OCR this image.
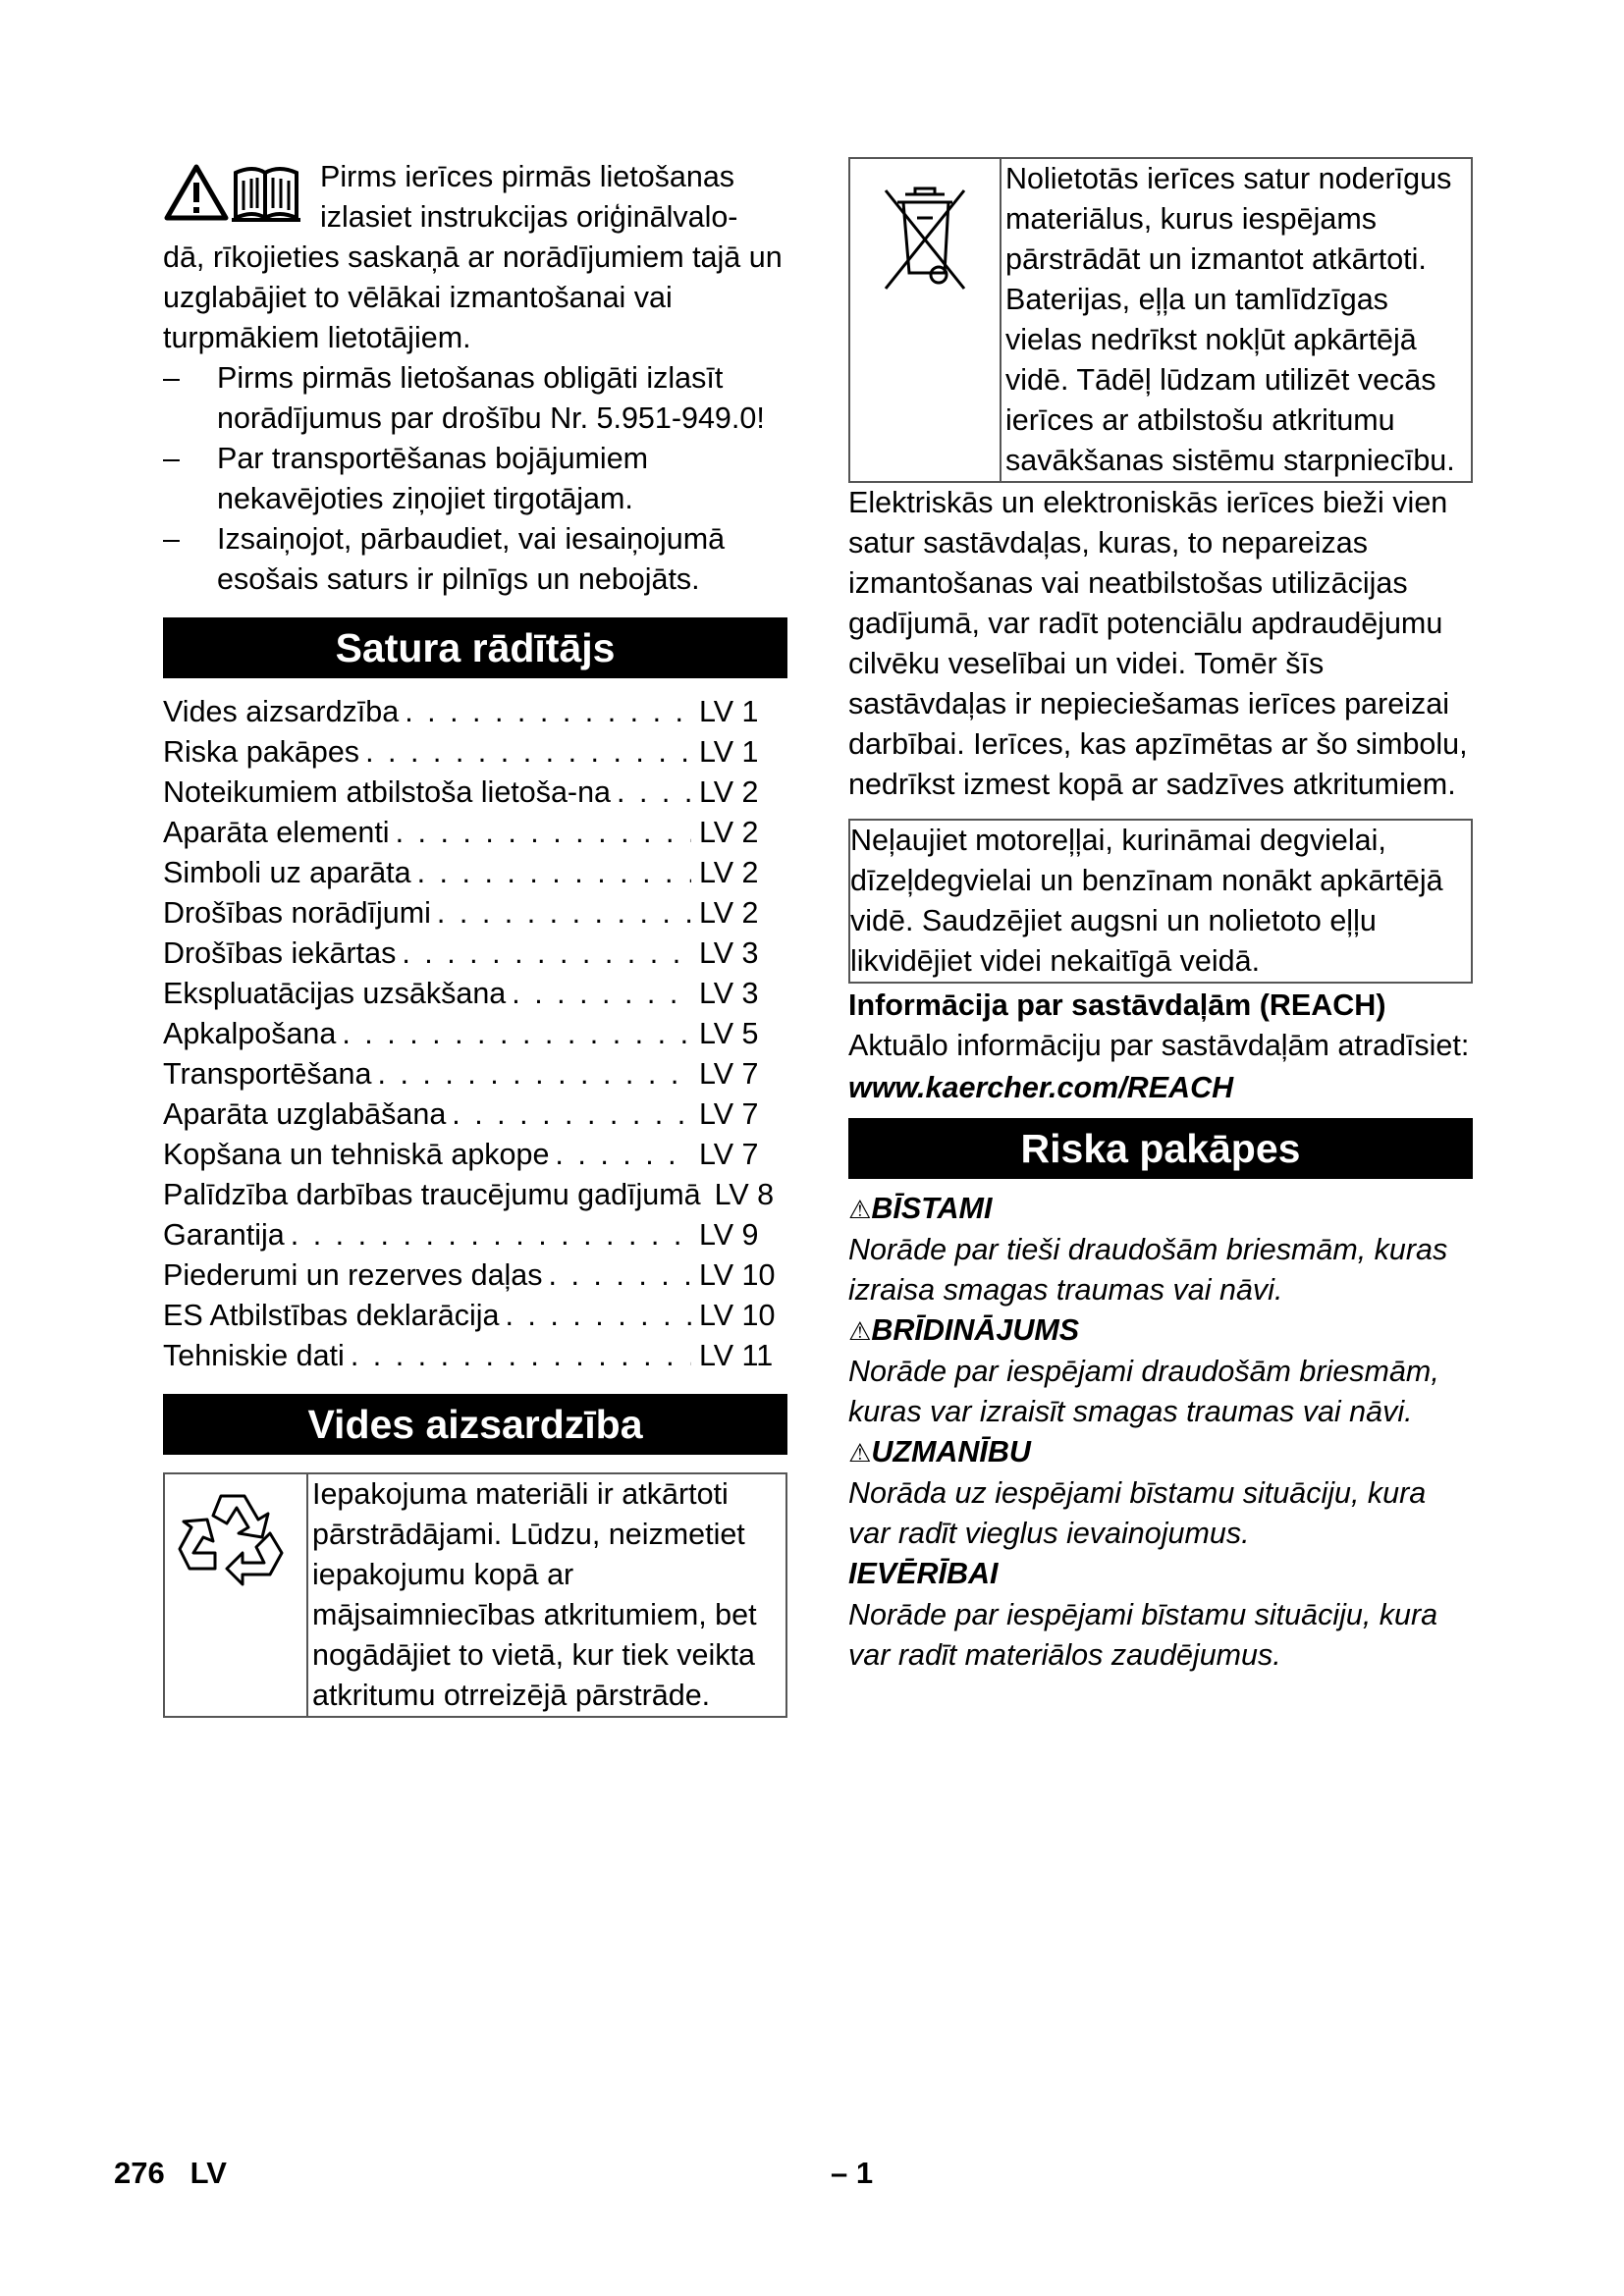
Pirms ierīces pirmās lietošanas

izlasiet instrukcijas oriģinālvalo-

dā, rīkojieties saskaņā ar norādījumiem tajā un uzglabājiet to vēlākai izmantošanai vai turpmākiem lietotājiem.

– Pirms pirmās lietošanas obligāti izlasīt norādījumus par drošību Nr. 5.951-949.0!
– Par transportēšanas bojājumiem nekavējoties ziņojiet tirgotājam.
– Izsaiņojot, pārbaudiet, vai iesaiņojumā esošais saturs ir pilnīgs un nebojāts.
Satura rādītājs
Vides aizsardzība . . .	LV 1
Riska pakāpes . . .	LV 1
Noteikumiem atbilstoša lietoša-na . . .	LV 2
Aparāta elementi . . .	LV 2
Simboli uz aparāta . . .	LV 2
Drošības norādījumi . . .	LV 2
Drošības iekārtas . . .	LV 3
Ekspluatācijas uzsākšana . . .	LV 3
Apkalpošana . . .	LV 5
Transportēšana . . .	LV 7
Aparāta uzglabāšana . . .	LV 7
Kopšana un tehniskā apkope . . .	LV 7
Palīdzība darbības traucējumu gadījumā . . . LV 8
Garantija . . .	LV 9
Piederumi un rezerves daļas . . .	LV 10
ES Atbilstības deklarācija . . .	LV 10
Tehniskie dati . . .	LV 11
Vides aizsardzība
Iepakojuma materiāli ir atkārtoti pārstrādājami. Lūdzu, neizmetiet iepakojumu kopā ar mājsaimniecības atkritumiem, bet nogādājiet to vietā, kur tiek veikta atkritumu otrreizējā pārstrāde.
Nolietotās ierīces satur noderīgus materiālus, kurus iespējams pārstrādāt un izmantot atkārtoti. Baterijas, eļļa un tamlīdzīgas vielas nedrīkst nokļūt apkārtējā vidē. Tādēļ lūdzam utilizēt vecās ierīces ar atbilstošu atkritumu savākšanas sistēmu starpniecību.

Elektriskās un elektroniskās ierīces bieži vien satur sastāvdaļas, kuras, to nepareizas izmantošanas vai neatbilstošas utilizācijas gadījumā, var radīt potenciālu apdraudējumu cilvēku veselībai un videi. Tomēr šīs sastāvdaļas ir nepieciešamas ierīces pareizai darbībai. Ierīces, kas apzīmētas ar šo simbolu, nedrīkst izmest kopā ar sadzīves atkritumiem.

Neļaujiet motoreļļai, kurināmai degvielai, dīzeļdegvielai un benzīnam nonākt apkārtējā vidē. Saudzējiet augsni un nolietoto eļļu likvidējiet videi nekaitīgā veidā.

Informācija par sastāvdaļām (REACH)

Aktuālo informāciju par sastāvdaļām atradīsiet:

www.kaercher.com/REACH

Riska pakāpes

⚠BĪSTAMI

Norāde par tieši draudošām briesmām, kuras izraisa smagas traumas vai nāvi.

⚠BRĪDINĀJUMS

Norāde par iespējami draudošām briesmām, kuras var izraisīt smagas traumas vai nāvi.

⚠UZMANĪBU

Norāda uz iespējami bīstamu situāciju, kura var radīt vieglus ievainojumus.

IEVĒRĪBAI

Norāde par iespējami bīstamu situāciju, kura var radīt materiālos zaudējumus.

276 LV	– 1
